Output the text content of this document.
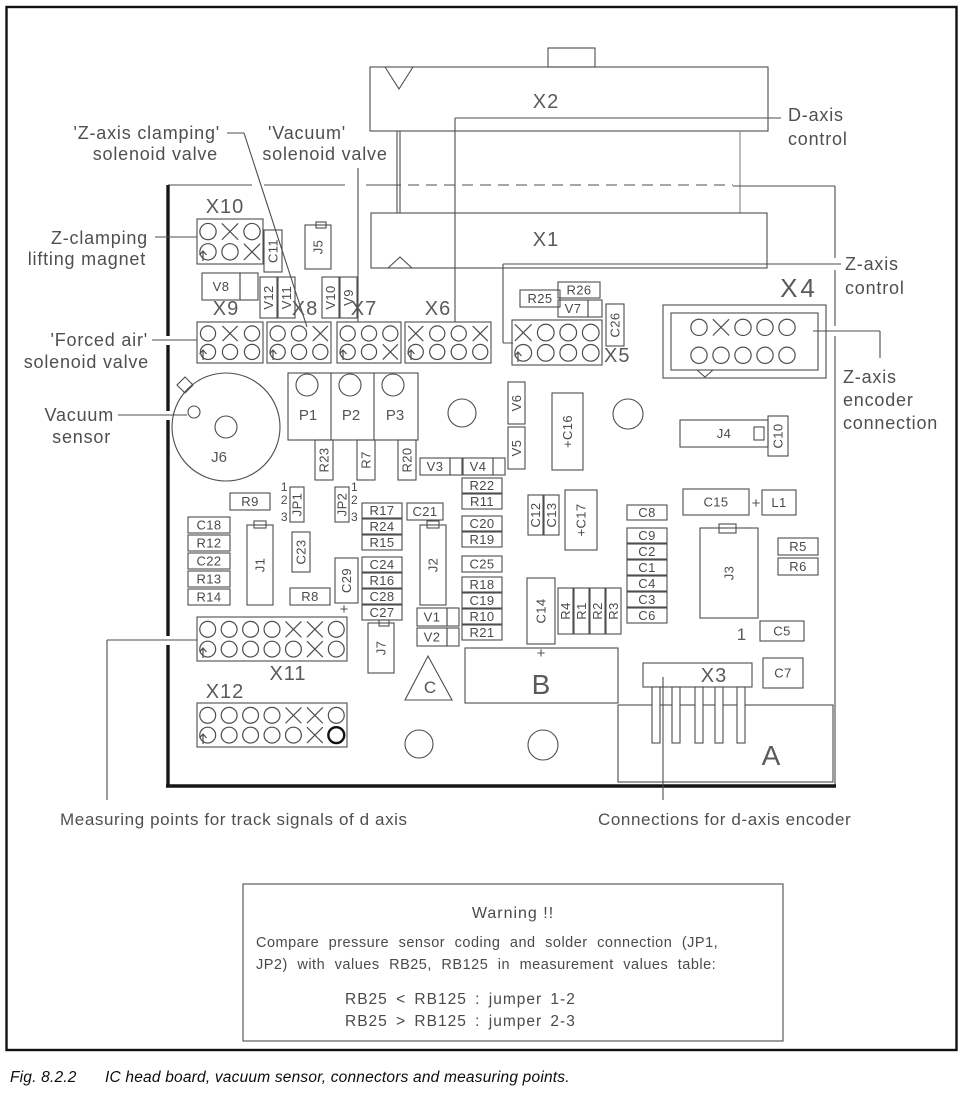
X2
X1
X10
X9	X8 X7 X6
X5
X4
X11
X12
J6
P1 P2 P3
B
A
C
X3
V8
R9
C18
R12
C22
R13
R14	R8
R17
R24
R15
C24
R16
C28
C27
C21
R22
R11
C20
R19
C25
R18
C19
R10
R21
V3 V4
V1
V2
R25
R26
V7
C8
C9
C2
C1
C4
C3
C6
C15	L1
R5
R6
C5
C7
J4
C11 J5
V12 V11 V10 V9
C26
V6
V5	+C16
C12 C13 +C17
C10
R23 R7 R20
JP1 JP2
C23
J1	J2
J3
J7
C14
C29
R4 R1 R2 R3
+
+
+
1
2
3
1
2
3
1
'Z-axis clamping'
solenoid valve
'Vacuum'
solenoid valve
Z-clamping
lifting magnet
'Forced air'
solenoid valve
Vacuum
sensor
D-axis
control
Z-axis
control
Z-axis
encoder
connection
Measuring points for track signals of d axis	Connections for d-axis encoder
Warning !!
Compare pressure sensor coding and solder connection (JP1,
JP2) with values RB25, RB125 in measurement values table:
RB25 < RB125 : jumper 1-2
RB25 > RB125 : jumper 2-3
Fig. 8.2.2 IC head board, vacuum sensor, connectors and measuring points.
